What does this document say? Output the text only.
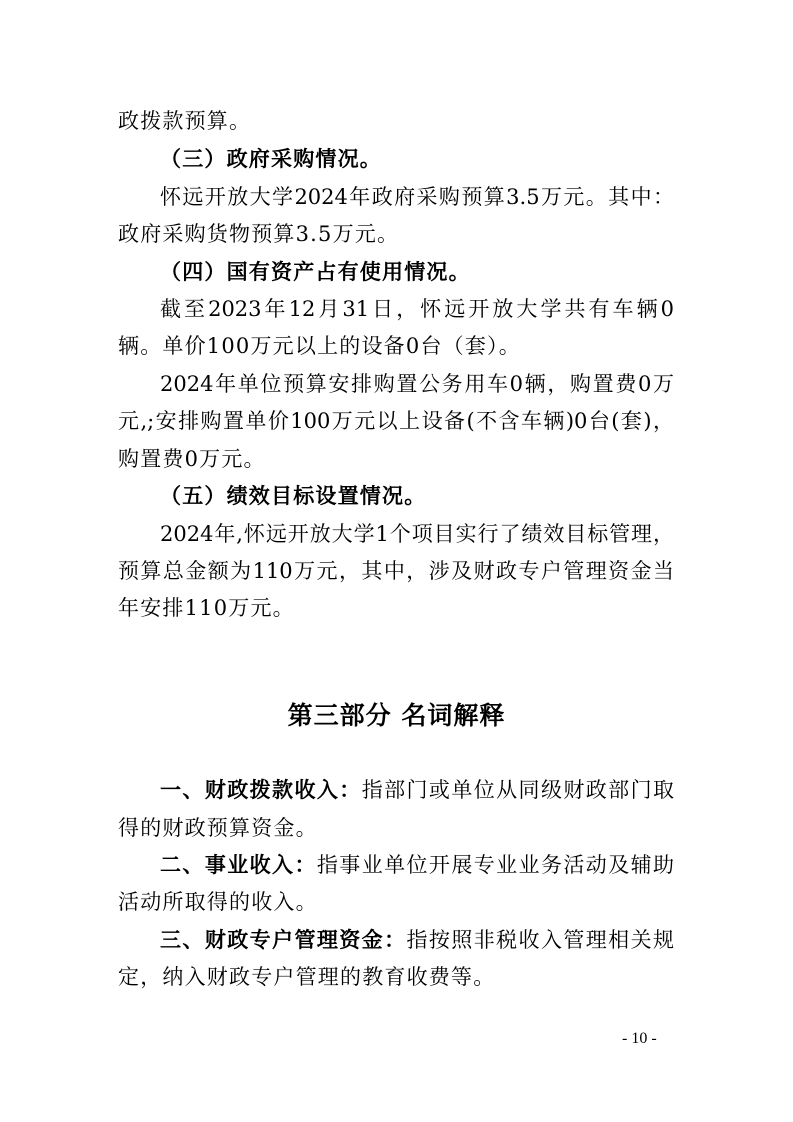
政拨款预算。
（三）政府采购情况。
怀远开放大学2024年政府采购预算3.5万元。其中：
政府采购货物预算3.5万元。
（四）国有资产占有使用情况。
截至2023年12月31日，怀远开放大学共有车辆0
辆。单价100万元以上的设备0台（套）。
2024年单位预算安排购置公务用车0辆，购置费0万
元,;安排购置单价100万元以上设备(不含车辆)0台(套)，
购置费0万元。
（五）绩效目标设置情况。
2024年,怀远开放大学1个项目实行了绩效目标管理，
预算总金额为110万元，其中，涉及财政专户管理资金当
年安排110万元。
第三部分 名词解释
一、财政拨款收入：指部门或单位从同级财政部门取
得的财政预算资金。
二、事业收入：指事业单位开展专业业务活动及辅助
活动所取得的收入。
三、财政专户管理资金：指按照非税收入管理相关规
定，纳入财政专户管理的教育收费等。
- 10 -
